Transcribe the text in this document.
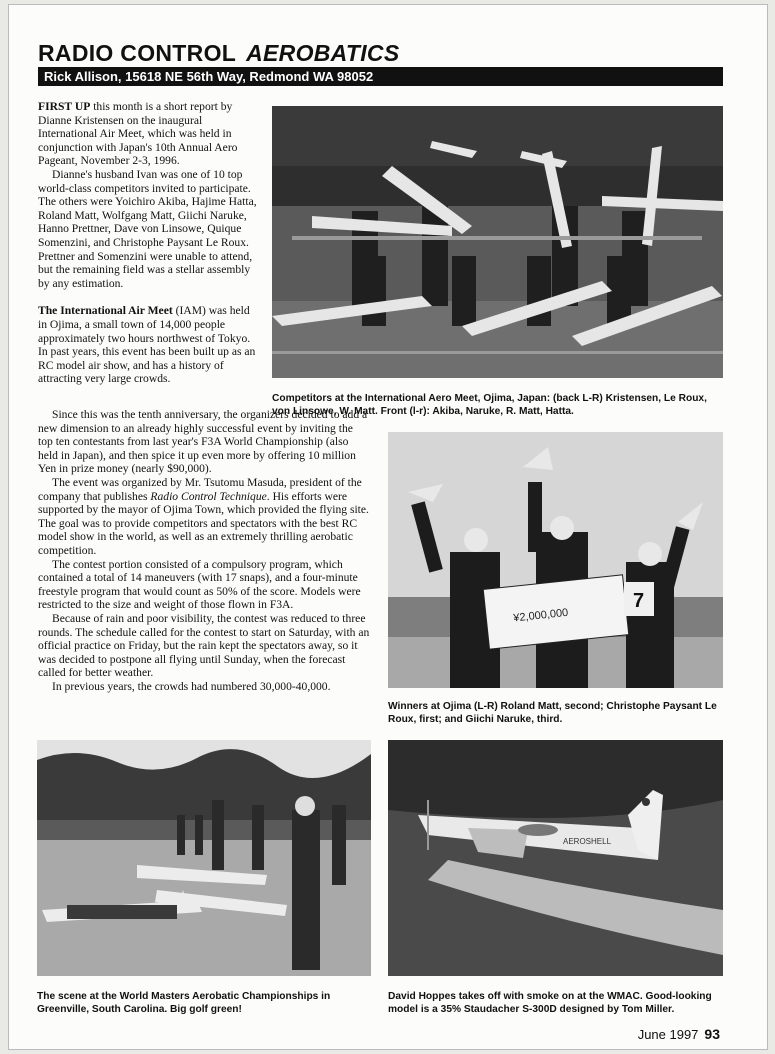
RADIO CONTROL AEROBATICS
Rick Allison, 15618 NE 56th Way, Redmond WA 98052

FIRST UP this month is a short report by Dianne Kristensen on the inaugural International Air Meet, which was held in conjunction with Japan's 10th Annual Aero Pageant, November 2-3, 1996.

Dianne's husband Ivan was one of 10 top world-class competitors invited to participate. The others were Yoichiro Akiba, Hajime Hatta, Roland Matt, Wolfgang Matt, Giichi Naruke, Hanno Prettner, Dave von Linsowe, Quique Somenzini, and Christophe Paysant Le Roux. Prettner and Somenzini were unable to attend, but the remaining field was a stellar assembly by any estimation.

The International Air Meet (IAM) was held in Ojima, a small town of 14,000 people approximately two hours northwest of Tokyo. In past years, this event has been built up as an RC model air show, and has a history of attracting very large crowds.

Since this was the tenth anniversary, the organizers decided to add a new dimension to an already highly successful event by inviting the top ten contestants from last year's F3A World Championship (also held in Japan), and then spice it up even more by offering 10 million Yen in prize money (nearly $90,000).

The event was organized by Mr. Tsutomu Masuda, president of the company that publishes Radio Control Technique. His efforts were supported by the mayor of Ojima Town, which provided the flying site. The goal was to provide competitors and spectators with the best RC model show in the world, as well as an extremely thrilling aerobatic competition.

The contest portion consisted of a compulsory program, which contained a total of 14 maneuvers (with 17 snaps), and a four-minute freestyle program that would count as 50% of the score. Models were restricted to the size and weight of those flown in F3A.

Because of rain and poor visibility, the contest was reduced to three rounds. The schedule called for the contest to start on Saturday, with an official practice on Friday, but the rain kept the spectators away, so it was decided to postpone all flying until Sunday, when the forecast called for better weather.

In previous years, the crowds had numbered 30,000-40,000.

Competitors at the International Aero Meet, Ojima, Japan: (back L-R) Kristensen, Le Roux, von Linsowe, W. Matt. Front (l-r): Akiba, Naruke, R. Matt, Hatta.
¥2,000,000
7
Winners at Ojima (L-R) Roland Matt, second; Christophe Paysant Le Roux, first; and Giichi Naruke, third.
The scene at the World Masters Aerobatic Championships in Greenville, South Carolina. Big golf green!
AEROSHELL
David Hoppes takes off with smoke on at the WMAC. Good-looking model is a 35% Staudacher S-300D designed by Tom Miller.
June 1997 93
